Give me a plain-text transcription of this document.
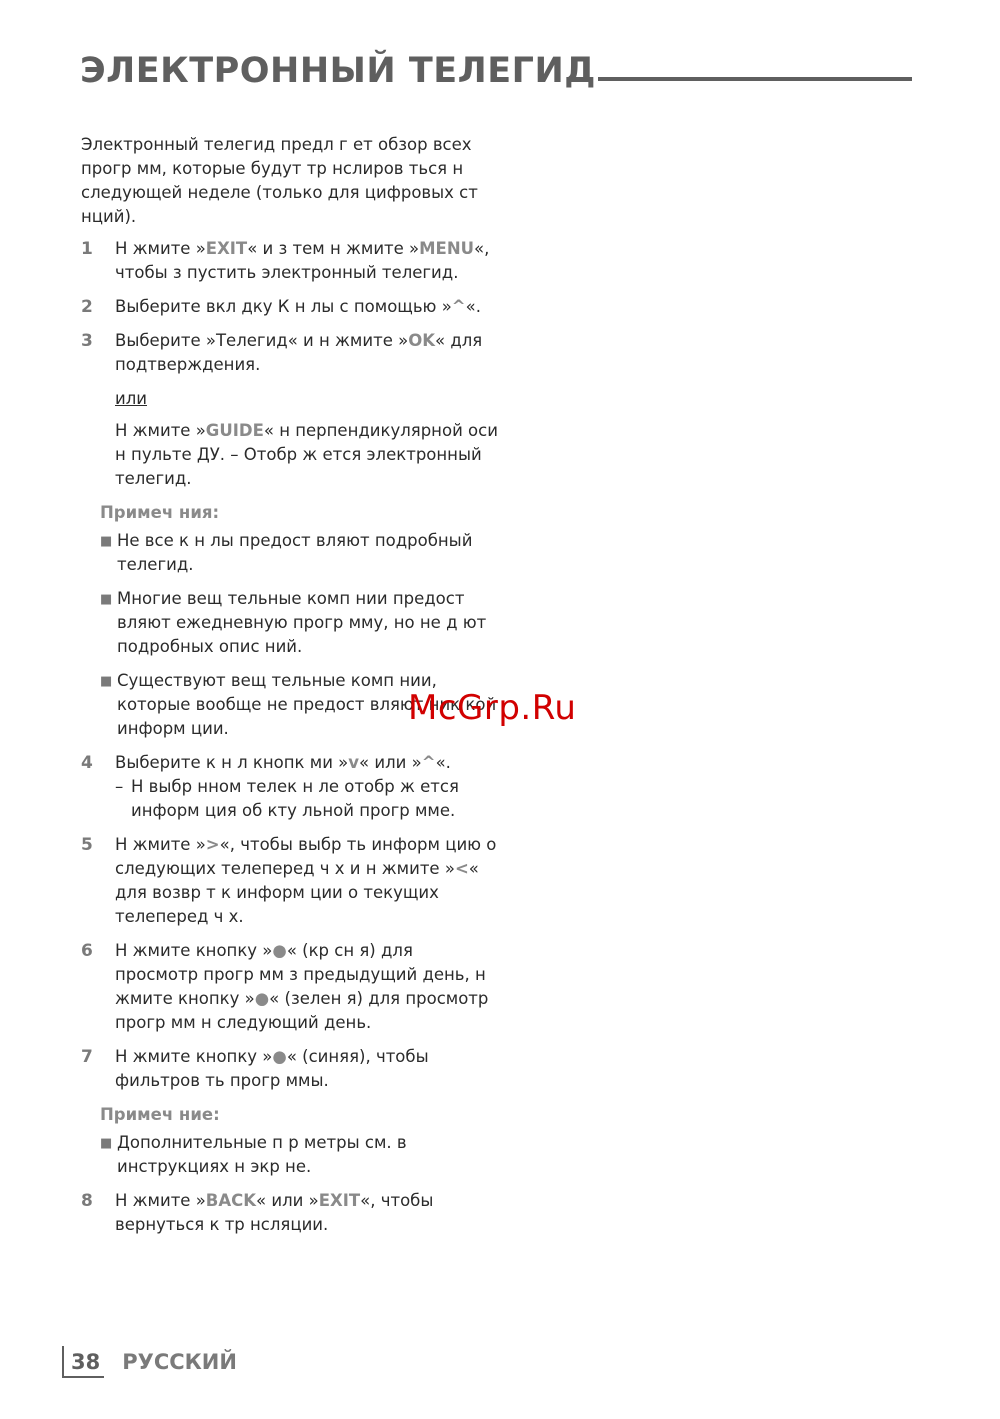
ЭЛЕКТРОННЫЙ ТЕЛЕГИД

Электронный телегид предл г ет обзор всех прогр мм, которые будут тр нслиров ться н следующей неделе (только для цифровых ст нций).

1	Н жмите »EXIT« и з тем н жмите »MENU«, чтобы з пустить электронный телегид.
2	Выберите вкл дку К н лы с помощью »^«.
3	Выберите »Телегид« и н жмите »OK« для подтверждения.
или

Н жмите »GUIDE« н перпендикулярной оси н пульте ДУ. – Отобр ж ется электронный телегид.

Примеч ния:
■ Не все к н лы предост вляют подробный телегид.
■ Многие вещ тельные комп нии предост вляют ежедневную прогр мму, но не д ют подробных опис ний.
■ Существуют вещ тельные комп нии, которые вообще не предост вляют ник кой информ ции.
4	Выберите к н л кнопк ми »v« или »^«.
– Н выбр нном телек н ле отобр ж ется информ ция об кту льной прогр мме.
5	Н жмите »>«, чтобы выбр ть информ цию о следующих телеперед ч х и н жмите »<« для возвр т к информ ции о текущих телеперед ч х.
6	Н жмите кнопку »●« (кр сн я) для просмотр прогр мм з предыдущий день, н жмите кнопку »●« (зелен я) для просмотр прогр мм н следующий день.
7	Н жмите кнопку »●« (синяя), чтобы фильтров ть прогр ммы.
Примеч ние:
■ Дополнительные п р метры см. в инструкциях н экр не.
8	Н жмите »BACK« или »EXIT«, чтобы вернуться к тр нсляции.
McGrp.Ru
38 РУССКИЙ
